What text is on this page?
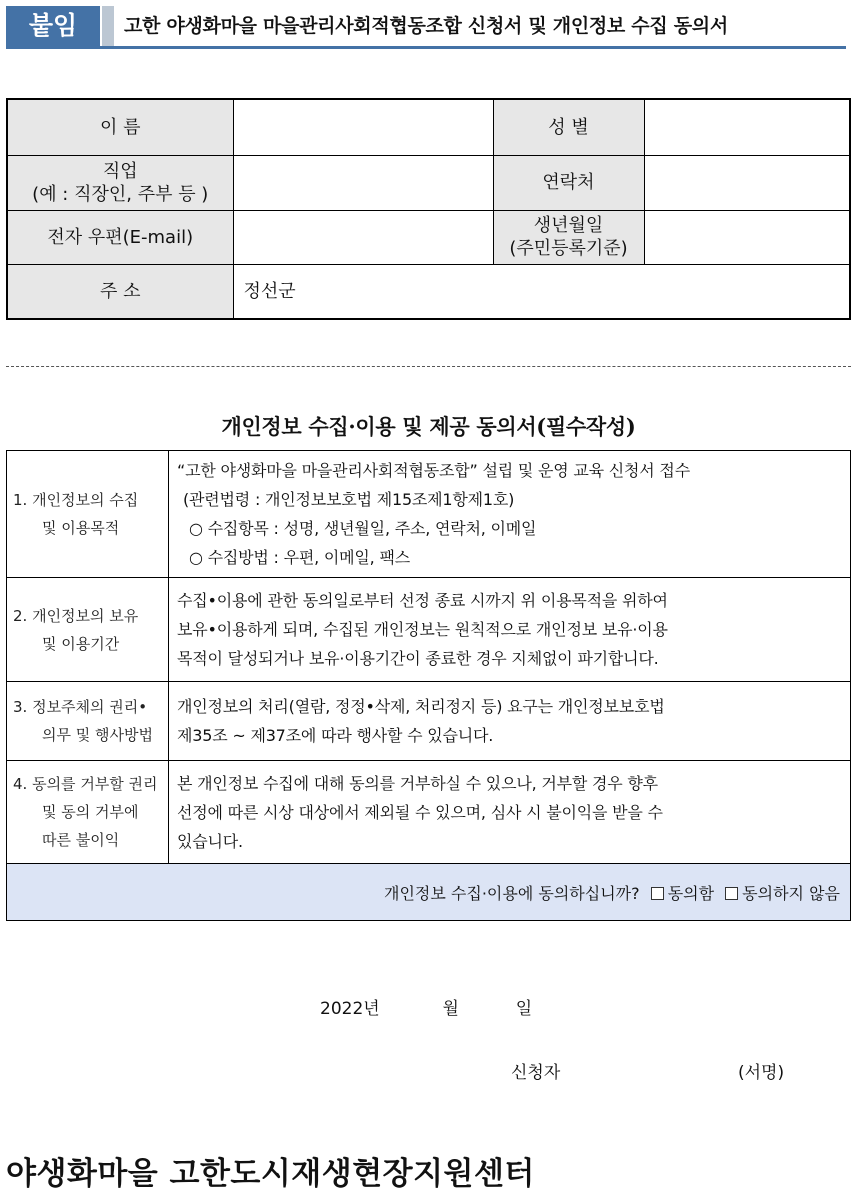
붙임	고한 야생화마을 마을관리사회적협동조합 신청서 및 개인정보 수집 동의서
이 름		성 별	

직업
(예 : 직장인, 주부 등 )		연락처	
전자 우편(E-mail)		생년월일
(주민등록기준)	

주 소	정선군		
개인정보 수집·이용 및 제공 동의서(필수작성)
1. 개인정보의 수집
및 이용목적	“고한 야생화마을 마을관리사회적협동조합” 설립 및 운영 교육 신청서 접수
(관련법령 : 개인정보보호법 제15조제1항제1호)
○ 수집항목 : 성명, 생년월일, 주소, 연락처, 이메일
○ 수집방법 : 우편, 이메일, 팩스

2. 개인정보의 보유
및 이용기간	수집•이용에 관한 동의일로부터 선정 종료 시까지 위 이용목적을 위하여
보유•이용하게 되며, 수집된 개인정보는 원칙적으로 개인정보 보유·이용
목적이 달성되거나 보유·이용기간이 종료한 경우 지체없이 파기합니다.

3. 정보주체의 권리•
의무 및 행사방법	개인정보의 처리(열람, 정정•삭제, 처리정지 등) 요구는 개인정보보호법
제35조 ~ 제37조에 따라 행사할 수 있습니다.

4. 동의를 거부할 권리
및 동의 거부에
따른 불이익	본 개인정보 수집에 대해 동의를 거부하실 수 있으나, 거부할 경우 향후
선정에 따른 시상 대상에서 제외될 수 있으며, 심사 시 불이익을 받을 수
있습니다.

개인정보 수집·이용에 동의하십니까? 동의함 동의하지 않음	
2022년	월	일
신청자	(서명)
야생화마을 고한도시재생현장지원센터
